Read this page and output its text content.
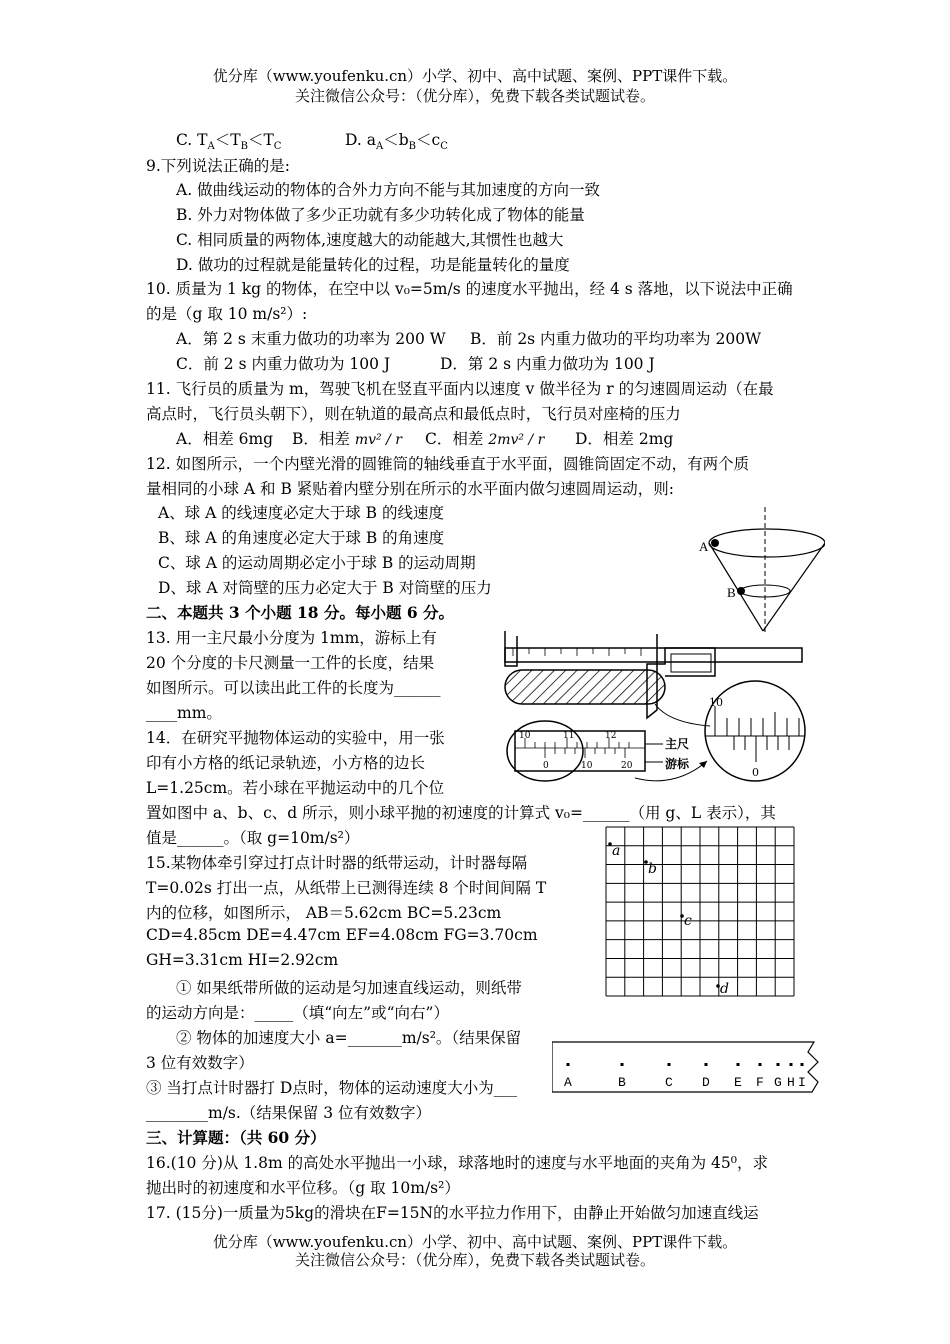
优分库（www.youfenku.cn）小学、初中、高中试题、案例、PPT课件下载。
关注微信公众号：（优分库），免费下载各类试题试卷。
C. $T_A<T_B<T_C$	D. $a_A<b_B<c_C$
9.下列说法正确的是:
A. 做曲线运动的物体的合外力方向不能与其加速度的方向一致
B. 外力对物体做了多少正功就有多少功转化成了物体的能量
C. 相同质量的两物体,速度越大的动能越大,其惯性也越大
D. 做功的过程就是能量转化的过程，功是能量转化的量度
10. 质量为 1 kg 的物体，在空中以 v₀=5m/s 的速度水平抛出，经 4 s 落地，以下说法中正确
的是（g 取 10 m/s²）:
A．第 2 s 末重力做功的功率为 200 W B．前 2s 内重力做功的平均功率为 200W
C．前 2 s 内重力做功为 100 J	D．第 2 s 内重力做功为 100 J
11. 飞行员的质量为 m，驾驶飞机在竖直平面内以速度 v 做半径为 r 的匀速圆周运动（在最
高点时，飞行员头朝下），则在轨道的最高点和最低点时，飞行员对座椅的压力
A．相差 6mg B．相差 mv² / r C．相差 2mv² / r D．相差 2mg
12. 如图所示，一个内壁光滑的圆锥筒的轴线垂直于水平面，圆锥筒固定不动，有两个质
量相同的小球 A 和 B 紧贴着内壁分别在所示的水平面内做匀速圆周运动，则:
A、球 A 的线速度必定大于球 B 的线速度
B、球 A 的角速度必定大于球 B 的角速度
C、球 A 的运动周期必定小于球 B 的运动周期
D、球 A 对筒壁的压力必定大于 B 对筒壁的压力
A
B
二、本题共 3 个小题 18 分。每小题 6 分。
13. 用一主尺最小分度为 1mm，游标上有
20 个分度的卡尺测量一工件的长度，结果
如图所示。可以读出此工件的长度为______
____mm。
10	11	12
0	10	20
主尺
游标
10
0
14．在研究平抛物体运动的实验中，用一张
印有小方格的纸记录轨迹，小方格的边长
L=1.25cm。若小球在平抛运动中的几个位
置如图中 a、b、c、d 所示，则小球平抛的初速度的计算式 v₀=______（用 g、L 表示），其
值是______。（取 g=10m/s²）
a
b
c
d
15.某物体牵引穿过打点计时器的纸带运动，计时器每隔
T=0.02s 打出一点，从纸带上已测得连续 8 个时间间隔 T
内的位移，如图所示， AB＝5.62cm BC=5.23cm
CD=4.85cm DE=4.47cm EF=4.08cm FG=3.70cm
GH=3.31cm HI=2.92cm
① 如果纸带所做的运动是匀加速直线运动，则纸带
的运动方向是：_____（填“向左”或“向右”）
② 物体的加速度大小 a=_______m/s²。（结果保留
3 位有效数字）
③ 当打点计时器打 D点时，物体的运动速度大小为___
________m/s.（结果保留 3 位有效数字）
A	B	C D E F G H I
三、计算题：（共 60 分）
16.(10 分)从 1.8m 的高处水平抛出一小球，球落地时的速度与水平地面的夹角为 45⁰，求
抛出时的初速度和水平位移。（g 取 10m/s²）
17. (15分)一质量为5kg的滑块在F=15N的水平拉力作用下，由静止开始做匀加速直线运
优分库（www.youfenku.cn）小学、初中、高中试题、案例、PPT课件下载。
关注微信公众号：（优分库），免费下载各类试题试卷。
